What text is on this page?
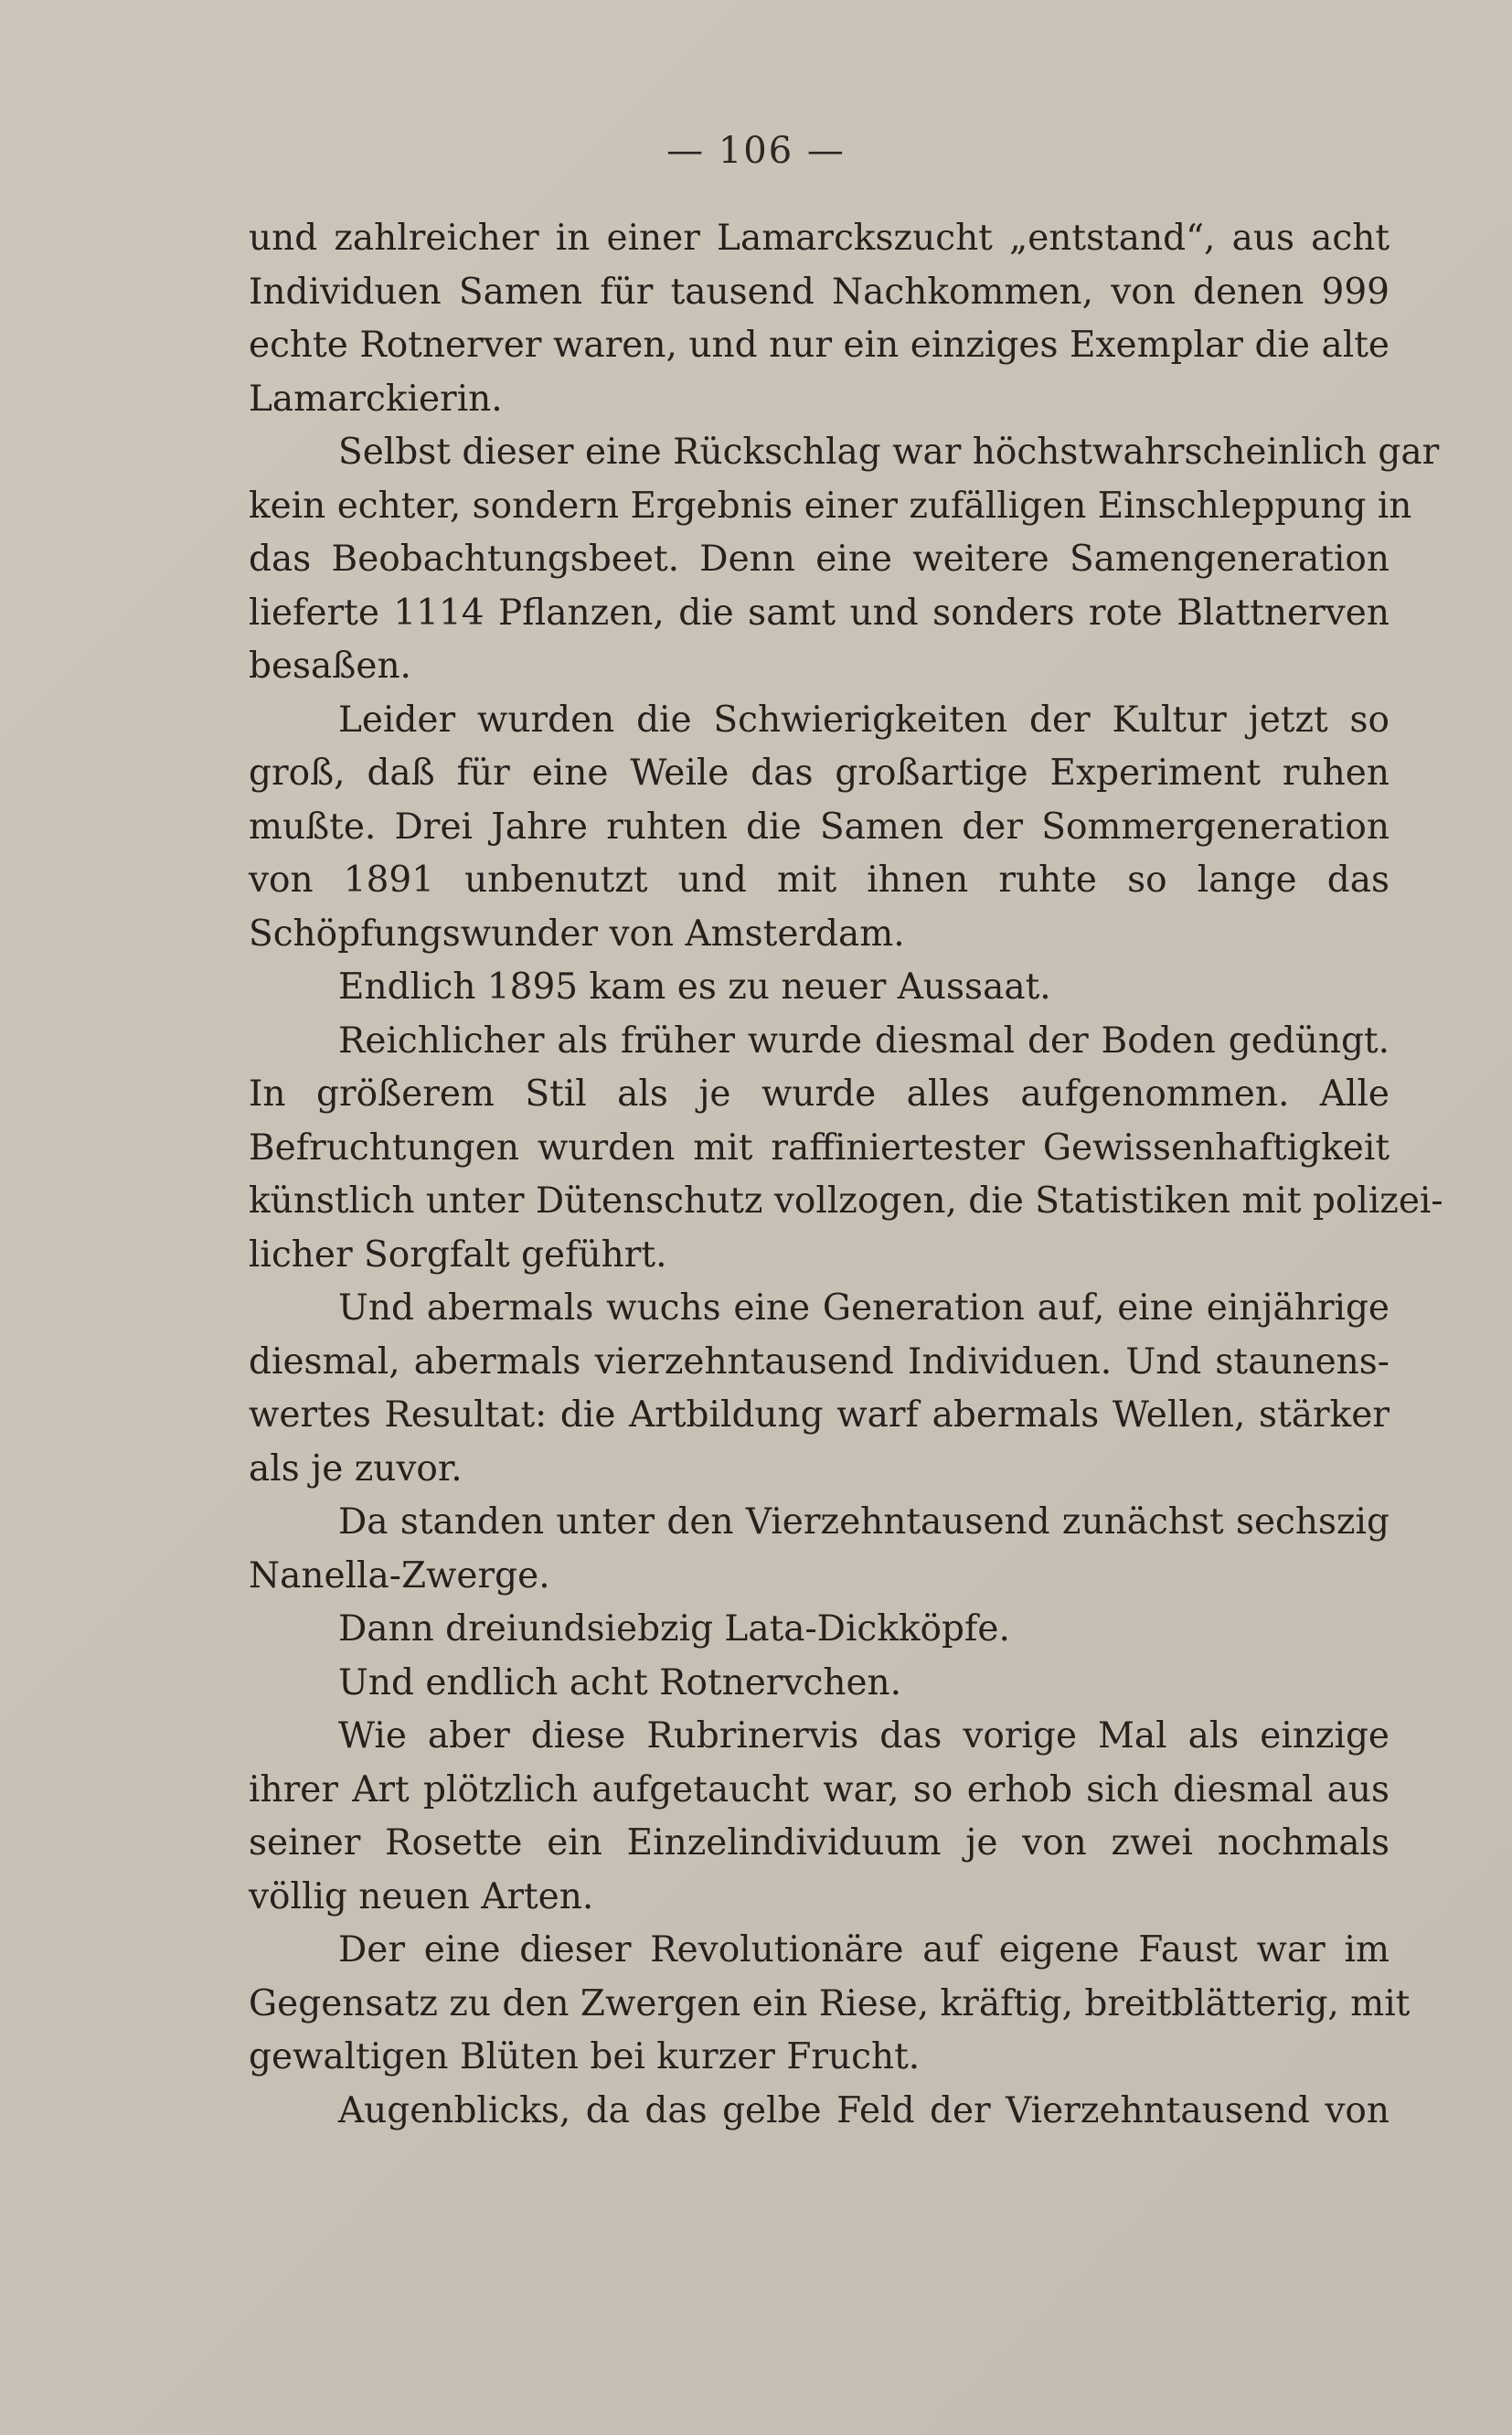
— 106 —
und zahlreicher in einer Lamarckszucht „entstand“, aus acht
Individuen Samen für tausend Nachkommen, von denen 999
echte Rotnerver waren, und nur ein einziges Exemplar die alte
Lamarckierin.
Selbst dieser eine Rückschlag war höchstwahrscheinlich gar
kein echter, sondern Ergebnis einer zufälligen Einschleppung in
das Beobachtungsbeet. Denn eine weitere Samengeneration
lieferte 1114 Pflanzen, die samt und sonders rote Blattnerven
besaßen.
Leider wurden die Schwierigkeiten der Kultur jetzt so
groß, daß für eine Weile das großartige Experiment ruhen
mußte. Drei Jahre ruhten die Samen der Sommergeneration
von 1891 unbenutzt und mit ihnen ruhte so lange das
Schöpfungswunder von Amsterdam.
Endlich 1895 kam es zu neuer Aussaat.
Reichlicher als früher wurde diesmal der Boden gedüngt.
In größerem Stil als je wurde alles aufgenommen. Alle
Befruchtungen wurden mit raffiniertester Gewissenhaftigkeit
künstlich unter Dütenschutz vollzogen, die Statistiken mit polizei-
licher Sorgfalt geführt.
Und abermals wuchs eine Generation auf, eine einjährige
diesmal, abermals vierzehntausend Individuen. Und staunens-
wertes Resultat: die Artbildung warf abermals Wellen, stärker
als je zuvor.
Da standen unter den Vierzehntausend zunächst sechszig
Nanella-Zwerge.
Dann dreiundsiebzig Lata-Dickköpfe.
Und endlich acht Rotnervchen.
Wie aber diese Rubrinervis das vorige Mal als einzige
ihrer Art plötzlich aufgetaucht war, so erhob sich diesmal aus
seiner Rosette ein Einzelindividuum je von zwei nochmals
völlig neuen Arten.
Der eine dieser Revolutionäre auf eigene Faust war im
Gegensatz zu den Zwergen ein Riese, kräftig, breitblätterig, mit
gewaltigen Blüten bei kurzer Frucht.
Augenblicks, da das gelbe Feld der Vierzehntausend von
